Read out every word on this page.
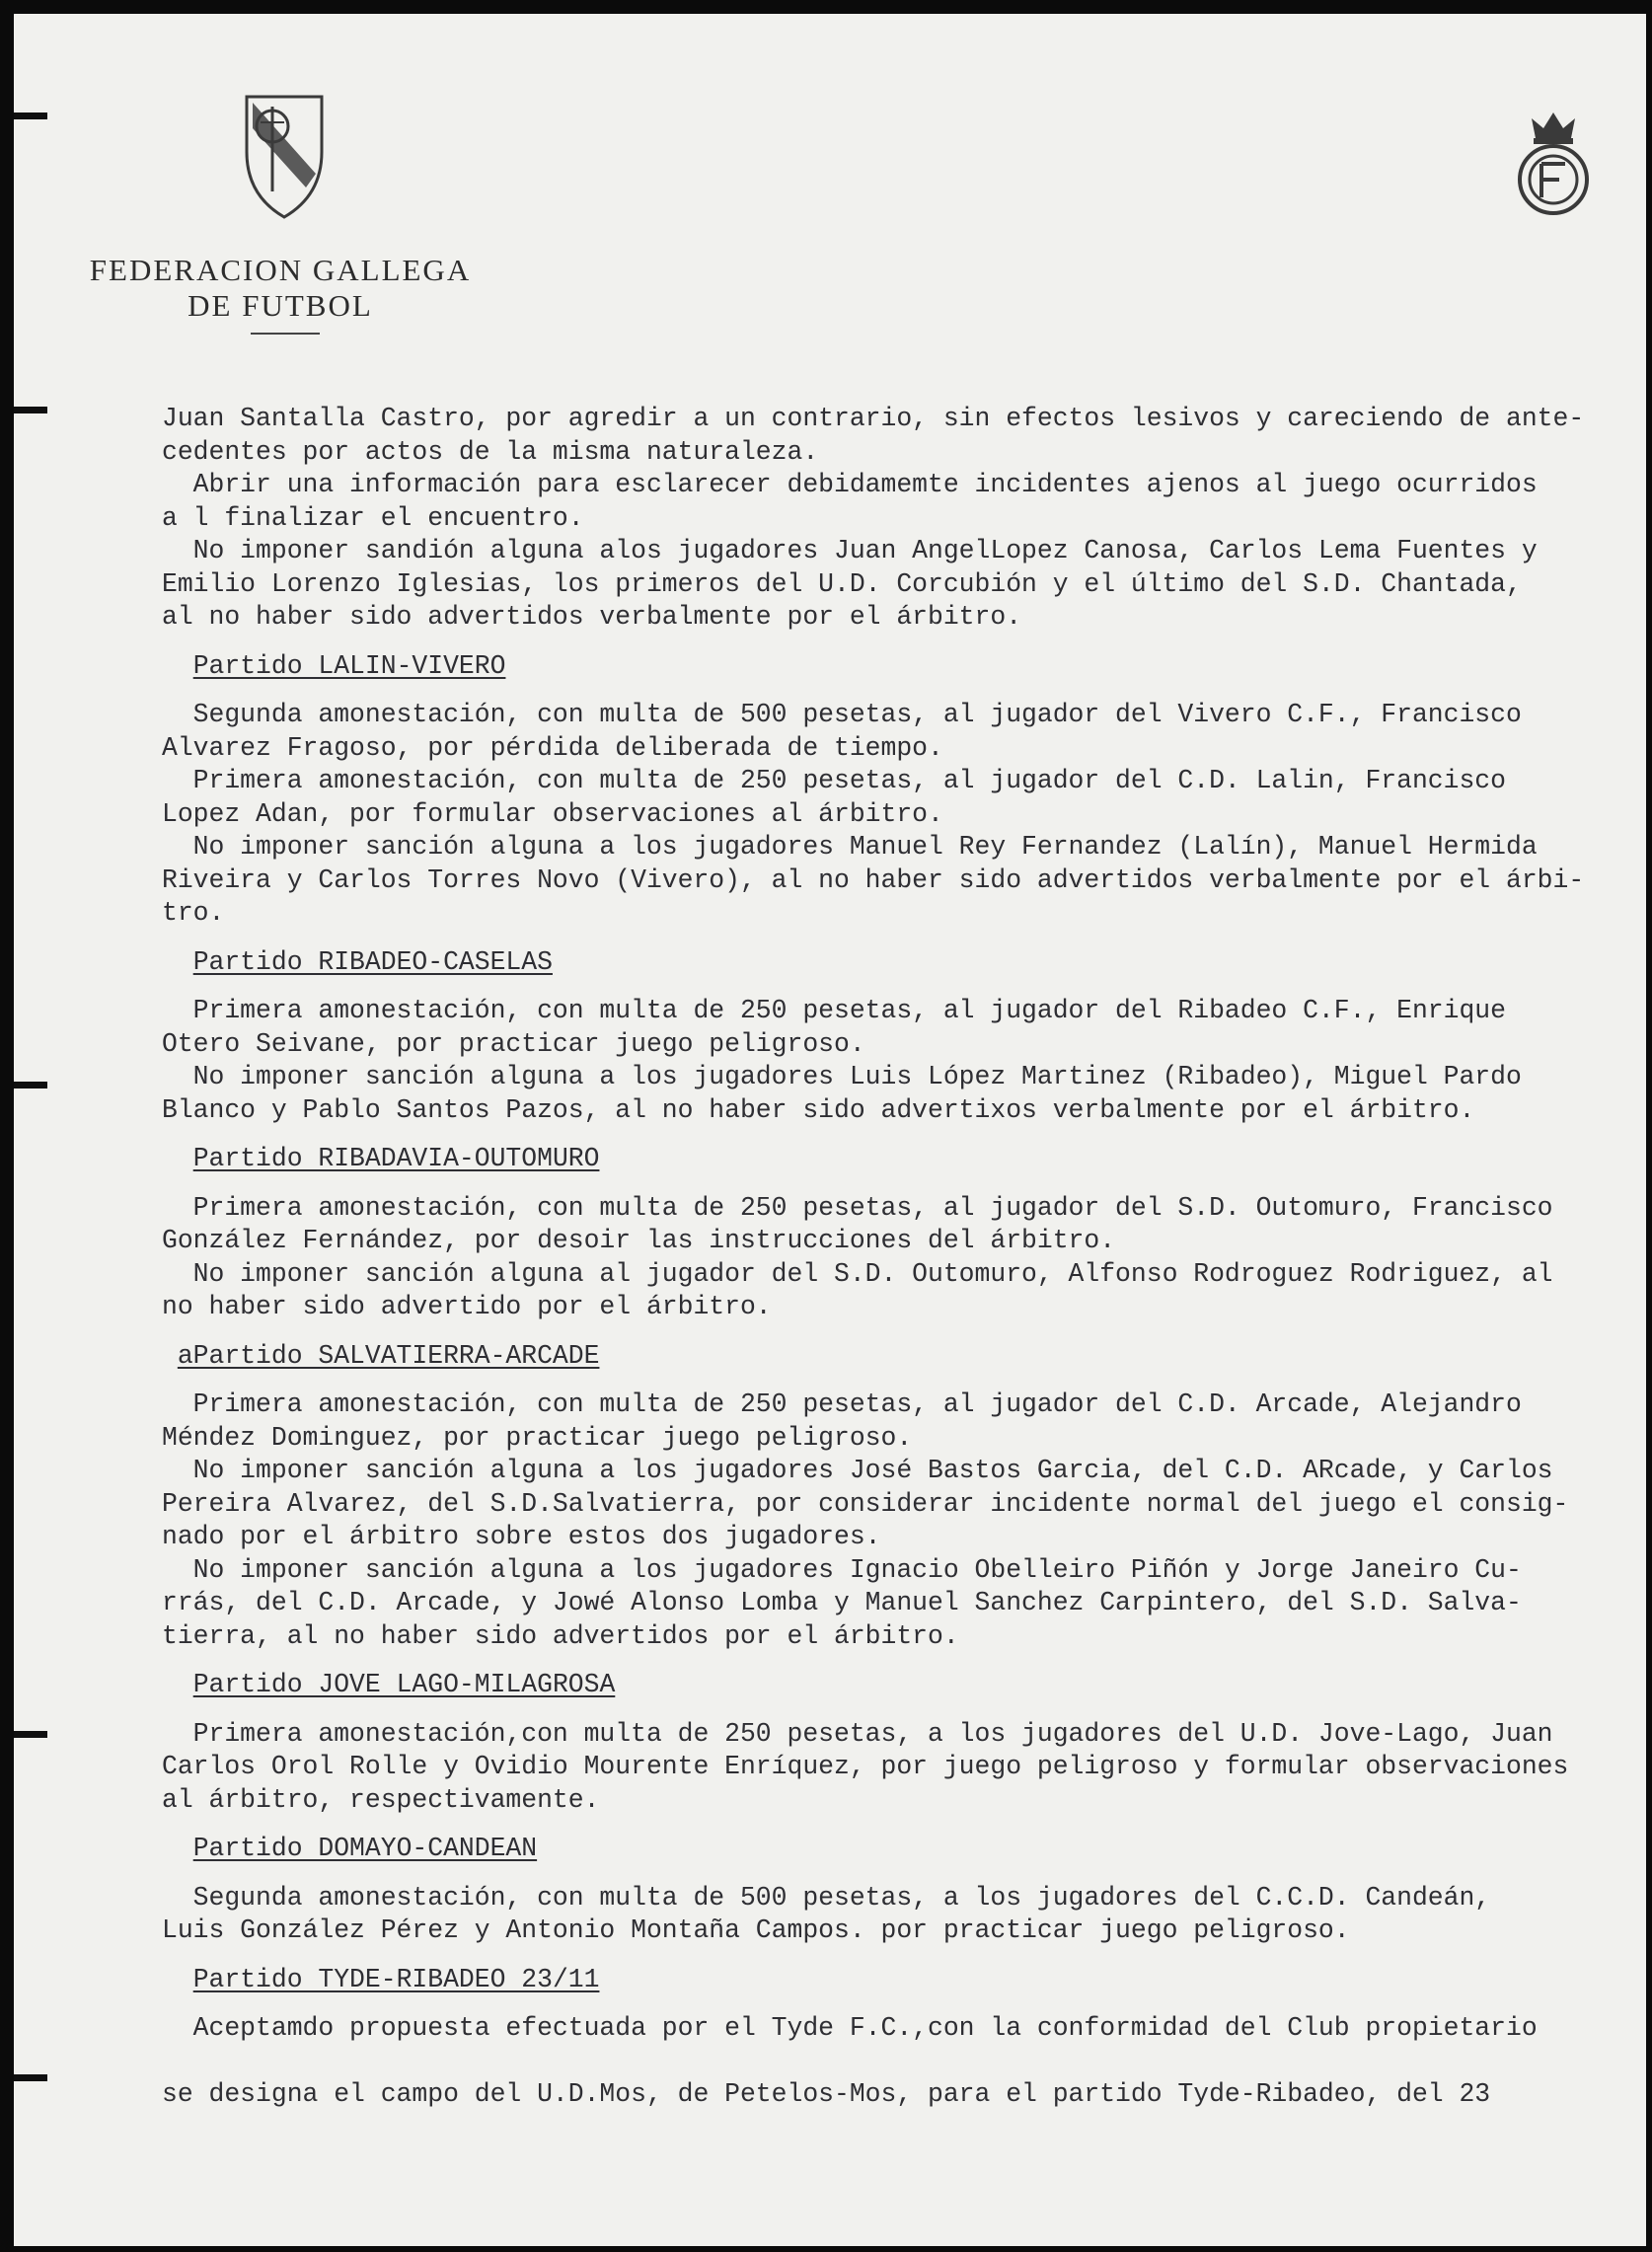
FEDERACION GALLEGA
DE FUTBOL
Juan Santalla Castro, por agredir a un contrario, sin efectos lesivos y careciendo de ante-
cedentes por actos de la misma naturaleza.
Abrir una información para esclarecer debidamemte incidentes ajenos al juego ocurridos
a l finalizar el encuentro.
No imponer sandión alguna alos jugadores Juan AngelLopez Canosa, Carlos Lema Fuentes y
Emilio Lorenzo Iglesias, los primeros del U.D. Corcubión y el último del S.D. Chantada,
al no haber sido advertidos verbalmente por el árbitro.
Partido LALIN-VIVERO
Segunda amonestación, con multa de 500 pesetas, al jugador del Vivero C.F., Francisco
Alvarez Fragoso, por pérdida deliberada de tiempo.
Primera amonestación, con multa de 250 pesetas, al jugador del C.D. Lalin, Francisco
Lopez Adan, por formular observaciones al árbitro.
No imponer sanción alguna a los jugadores Manuel Rey Fernandez (Lalín), Manuel Hermida
Riveira y Carlos Torres Novo (Vivero), al no haber sido advertidos verbalmente por el árbi-
tro.
Partido RIBADEO-CASELAS
Primera amonestación, con multa de 250 pesetas, al jugador del Ribadeo C.F., Enrique
Otero Seivane, por practicar juego peligroso.
No imponer sanción alguna a los jugadores Luis López Martinez (Ribadeo), Miguel Pardo
Blanco y Pablo Santos Pazos, al no haber sido advertixos verbalmente por el árbitro.
Partido RIBADAVIA-OUTOMURO
Primera amonestación, con multa de 250 pesetas, al jugador del S.D. Outomuro, Francisco
González Fernández, por desoir las instrucciones del árbitro.
No imponer sanción alguna al jugador del S.D. Outomuro, Alfonso Rodroguez Rodriguez, al
no haber sido advertido por el árbitro.
aPartido SALVATIERRA-ARCADE
Primera amonestación, con multa de 250 pesetas, al jugador del C.D. Arcade, Alejandro
Méndez Dominguez, por practicar juego peligroso.
No imponer sanción alguna a los jugadores José Bastos Garcia, del C.D. ARcade, y Carlos
Pereira Alvarez, del S.D.Salvatierra, por considerar incidente normal del juego el consig-
nado por el árbitro sobre estos dos jugadores.
No imponer sanción alguna a los jugadores Ignacio Obelleiro Piñón y Jorge Janeiro Cu-
rrás, del C.D. Arcade, y Jowé Alonso Lomba y Manuel Sanchez Carpintero, del S.D. Salva-
tierra, al no haber sido advertidos por el árbitro.
Partido JOVE LAGO-MILAGROSA
Primera amonestación,con multa de 250 pesetas, a los jugadores del U.D. Jove-Lago, Juan
Carlos Orol Rolle y Ovidio Mourente Enríquez, por juego peligroso y formular observaciones
al árbitro, respectivamente.
Partido DOMAYO-CANDEAN
Segunda amonestación, con multa de 500 pesetas, a los jugadores del C.C.D. Candeán,
Luis González Pérez y Antonio Montaña Campos. por practicar juego peligroso.
Partido TYDE-RIBADEO 23/11
Aceptamdo propuesta efectuada por el Tyde F.C.,con la conformidad del Club propietario

se designa el campo del U.D.Mos, de Petelos-Mos, para el partido Tyde-Ribadeo, del 23
